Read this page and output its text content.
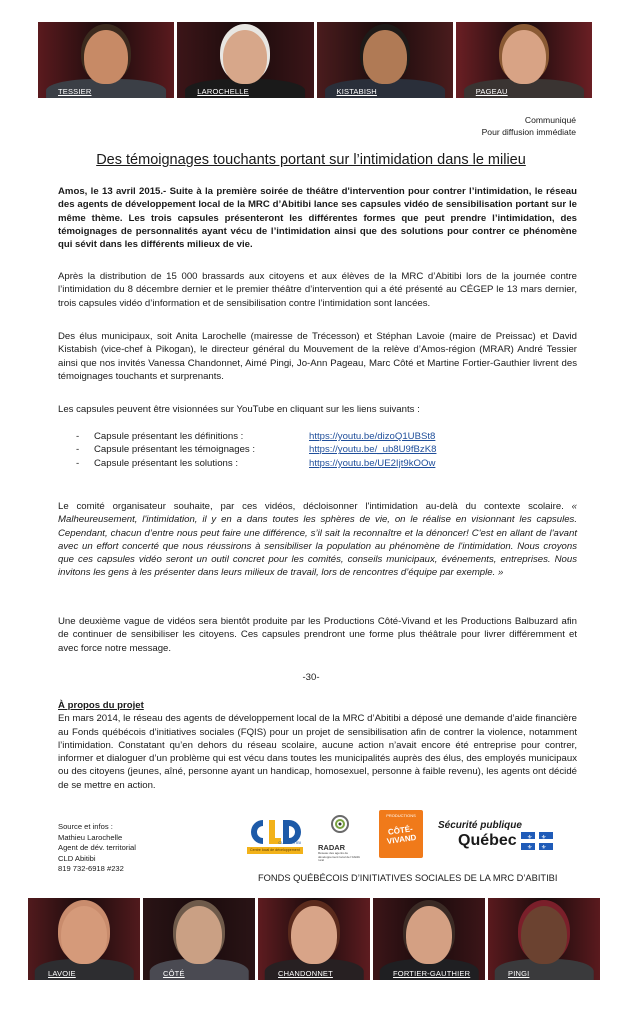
TESSIER	LAROCHELLE	KISTABISH	PAGEAU
Communiqué
Pour diffusion immédiate
Des témoignages touchants portant sur l’intimidation dans le milieu
Amos, le 13 avril 2015.- Suite à la première soirée de théâtre d'intervention pour contrer l’intimidation, le réseau des agents de développement local de la MRC d’Abitibi lance ses capsules vidéo de sensibilisation portant sur le même thème. Les trois capsules présenteront les différentes formes que peut prendre l’intimidation, des témoignages de personnalités ayant vécu de l’intimidation ainsi que des solutions pour contrer ce phénomène qui sévit dans les différents milieux de vie.
Après la distribution de 15 000 brassards aux citoyens et aux élèves de la MRC d’Abitibi lors de la journée contre l’intimidation du 8 décembre dernier et le premier théâtre d’intervention qui a été présenté au CÉGEP le 13 mars dernier, trois capsules vidéo d’information et de sensibilisation contre l’intimidation sont lancées.
Des élus municipaux, soit Anita Larochelle (mairesse de Trécesson) et Stéphan Lavoie (maire de Preissac) et David Kistabish (vice-chef à Pikogan), le directeur général du Mouvement de la relève d’Amos-région (MRAR) André Tessier ainsi que nos invités Vanessa Chandonnet, Aimé Pingi, Jo-Ann Pageau, Marc Côté et Martine Fortier-Gauthier livrent des témoignages touchants et surprenants.
Les capsules peuvent être visionnées sur YouTube en cliquant sur les liens suivants :
-	Capsule présentant les définitions :	https://youtu.be/dizoQ1UBSt8
-	Capsule présentant les témoignages :	https://youtu.be/_ub8U9fBzK8
-	Capsule présentant les solutions :	https://youtu.be/UE2Ijt9kOOw
Le comité organisateur souhaite, par ces vidéos, décloisonner l'intimidation au-delà du contexte scolaire. « Malheureusement, l'intimidation, il y en a dans toutes les sphères de vie, on le réalise en visionnant les capsules. Cependant, chacun d’entre nous peut faire une différence, s’il sait la reconnaître et la dénoncer! C'est en allant de l'avant avec un effort concerté que nous réussirons à sensibiliser la population au phénomène de l'intimidation. Nous croyons que ces capsules vidéo seront un outil concret pour les comités, conseils municipaux, événements, entreprises. Nous invitons les gens à les présenter dans leurs milieux de travail, lors de rencontres d’équipe par exemple. »
Une deuxième vague de vidéos sera bientôt produite par les Productions Côté-Vivand et les Productions Balbuzard afin de continuer de sensibiliser les citoyens. Ces capsules prendront une forme plus théâtrale pour livrer différemment et avec force notre message.
-30-
À propos du projet
En mars 2014, le réseau des agents de développement local de la MRC d’Abitibi a déposé une demande d’aide financière au Fonds québécois d’initiatives sociales (FQIS) pour un projet de sensibilisation afin de contrer la violence, notamment l’intimidation. Constatant qu’en dehors du réseau scolaire, aucune action n’avait encore été entreprise pour contrer, informer et dialoguer d’un problème qui est vécu dans toutes les municipalités auprès des élus, des employés municipaux ou des citoyens (jeunes, aîné, personne ayant un handicap, homosexuel, personne à faible revenu), les agents ont décidé de se mettre en action.
Source et infos :
Mathieu Larochelle
Agent de dév. territorial
CLD Abitibi
819 732-6918 #232
CLD ABITIBI
Centre local de développement RADAR
Réseau des agents de développement local de l'Abitibi rural
PRODUCTIONS
CÔTÉ-VIVAND
Sécurité publique
Québec ⚜ ⚜
⚜ ⚜
FONDS QUÉBÉCOIS D’INITIATIVES SOCIALES DE LA MRC D’ABITIBI
LAVOIE	CÔTÉ	CHANDONNET	FORTIER-GAUTHIER	PINGI
